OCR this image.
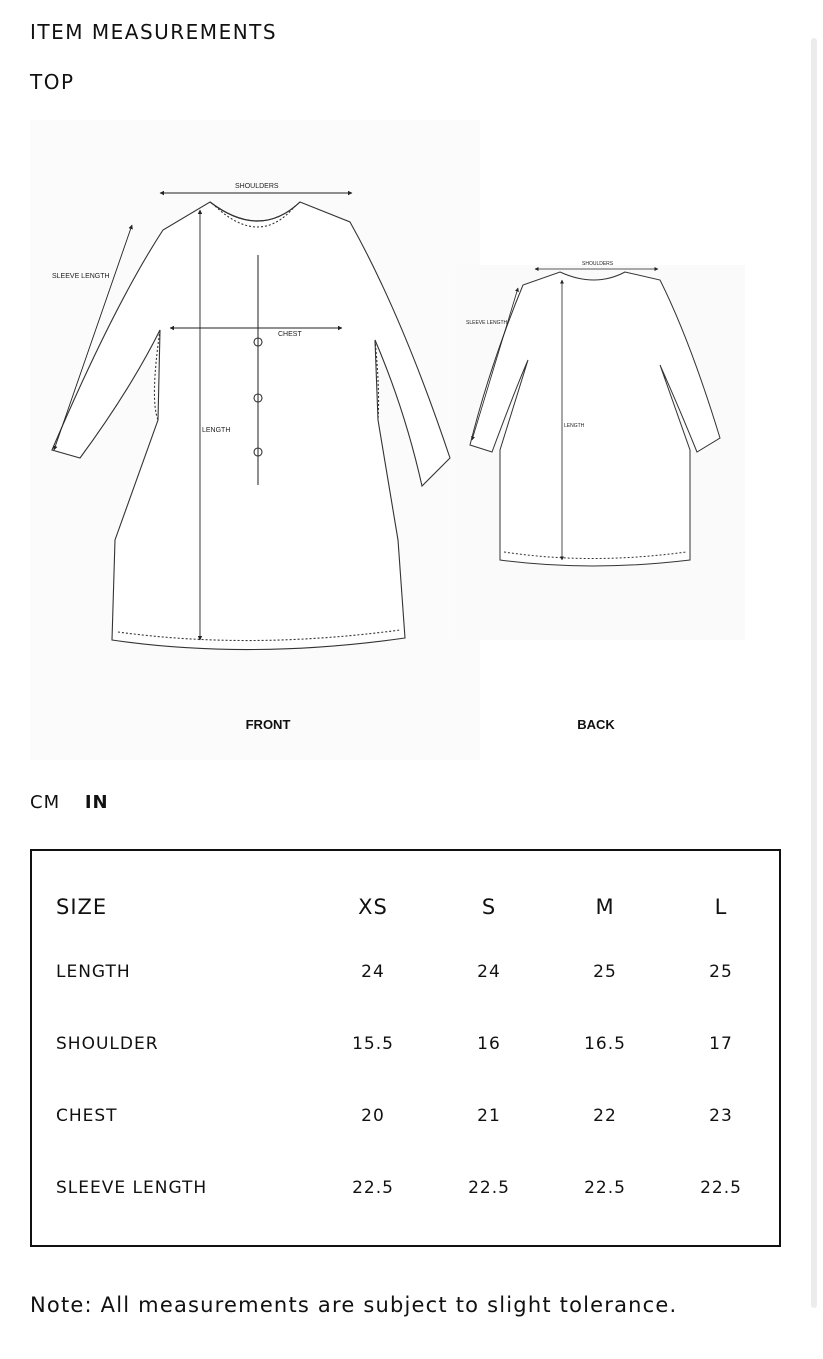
ITEM MEASUREMENTS
TOP
SHOULDERS
SLEEVE LENGTH
CHEST
LENGTH
SHOULDERS
SLEEVE LENGTH
LENGTH
FRONT	BACK
CM IN
SIZE	XS	S	M	L
LENGTH	24	24	25	25
SHOULDER	15.5	16	16.5	17
CHEST	20	21	22	23
SLEEVE LENGTH	22.5	22.5	22.5	22.5
Note: All measurements are subject to slight tolerance.
